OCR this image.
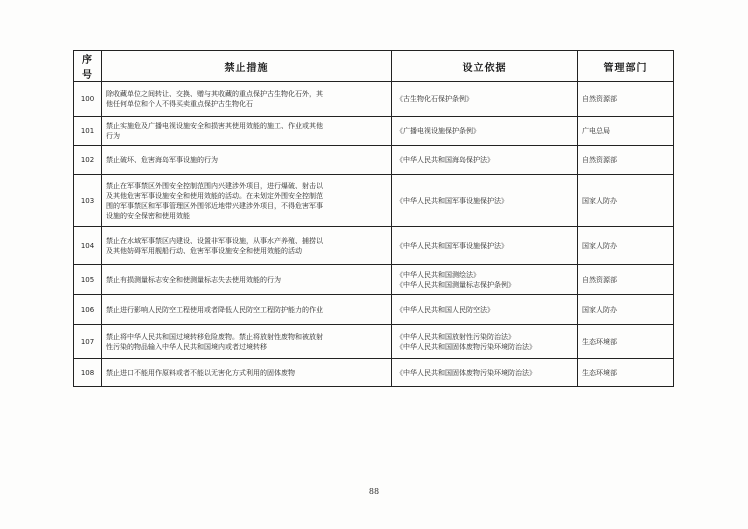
序号	禁止措施	设立依据	管理部门
100	除收藏单位之间转让、交换、赠与其收藏的重点保护古生物化石外，其
他任何单位和个人不得买卖重点保护古生物化石	《古生物化石保护条例》	自然资源部
101	禁止实施危及广播电视设施安全和损害其使用效能的施工、作业或其他
行为	《广播电视设施保护条例》	广电总局
102	禁止破坏、危害海岛军事设施的行为	《中华人民共和国海岛保护法》	自然资源部
103	禁止在军事禁区外围安全控制范围内兴建涉外项目，进行爆破、射击以
及其他危害军事设施安全和使用效能的活动。在未划定外围安全控制范
围的军事禁区和军事管理区外围邻近地带兴建涉外项目，不得危害军事
设施的安全保密和使用效能	《中华人民共和国军事设施保护法》	国家人防办
104	禁止在水域军事禁区内建设、设置非军事设施，从事水产养殖、捕捞以
及其他妨碍军用舰船行动、危害军事设施安全和使用效能的活动	《中华人民共和国军事设施保护法》	国家人防办
105	禁止有损测量标志安全和使测量标志失去使用效能的行为	《中华人民共和国测绘法》
《中华人民共和国测量标志保护条例》	自然资源部
106	禁止进行影响人民防空工程使用或者降低人民防空工程防护能力的作业	《中华人民共和国人民防空法》	国家人防办
107	禁止将中华人民共和国过境转移危险废物。禁止将放射性废物和被放射
性污染的物品输入中华人民共和国境内或者过境转移	《中华人民共和国放射性污染防治法》
《中华人民共和国固体废物污染环境防治法》	生态环境部
108	禁止进口不能用作原料或者不能以无害化方式利用的固体废物	《中华人民共和国固体废物污染环境防治法》	生态环境部
88
